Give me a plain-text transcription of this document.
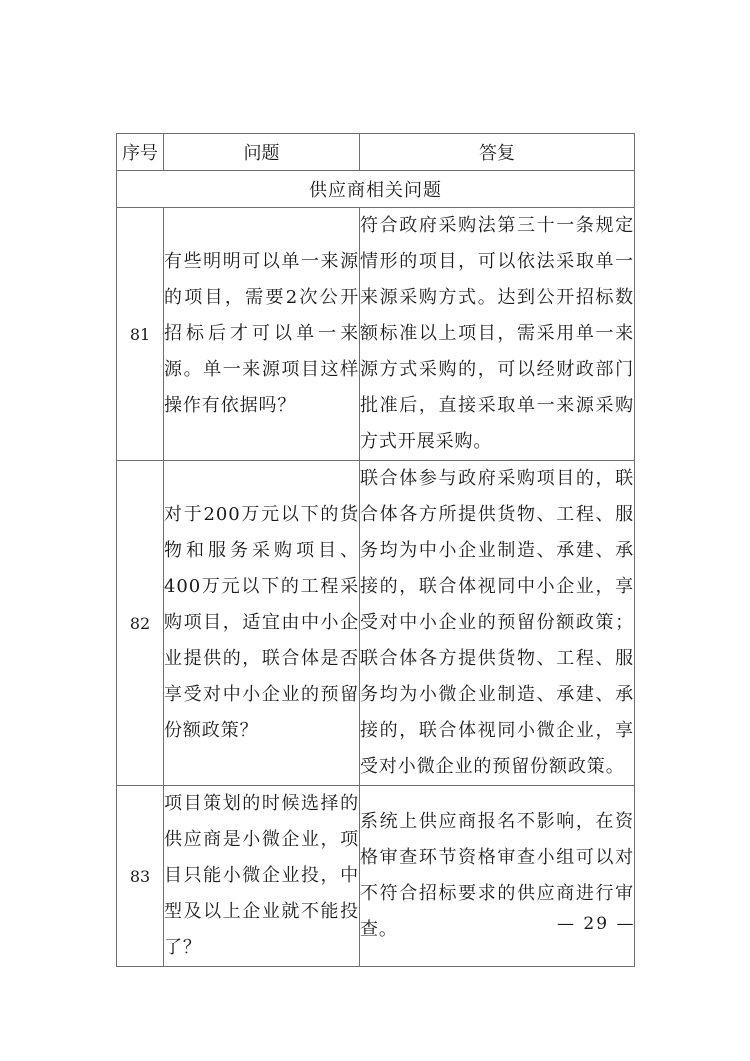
序号	问题	答复
供应商相关问题		
81	有些明明可以单一来源的项目，需要2次公开招标后才可以单一来源。单一来源项目这样操作有依据吗？	符合政府采购法第三十一条规定情形的项目，可以依法采取单一来源采购方式。达到公开招标数额标准以上项目，需采用单一来源方式采购的，可以经财政部门批准后，直接采取单一来源采购方式开展采购。
82	对于200万元以下的货物和服务采购项目、400万元以下的工程采购项目，适宜由中小企业提供的，联合体是否享受对中小企业的预留份额政策？	联合体参与政府采购项目的，联合体各方所提供货物、工程、服务均为中小企业制造、承建、承接的，联合体视同中小企业，享受对中小企业的预留份额政策；联合体各方提供货物、工程、服务均为小微企业制造、承建、承接的，联合体视同小微企业，享受对小微企业的预留份额政策。
83	项目策划的时候选择的供应商是小微企业，项目只能小微企业投，中型及以上企业就不能投了？	系统上供应商报名不影响，在资格审查环节资格审查小组可以对不符合招标要求的供应商进行审查。	— 29 —
